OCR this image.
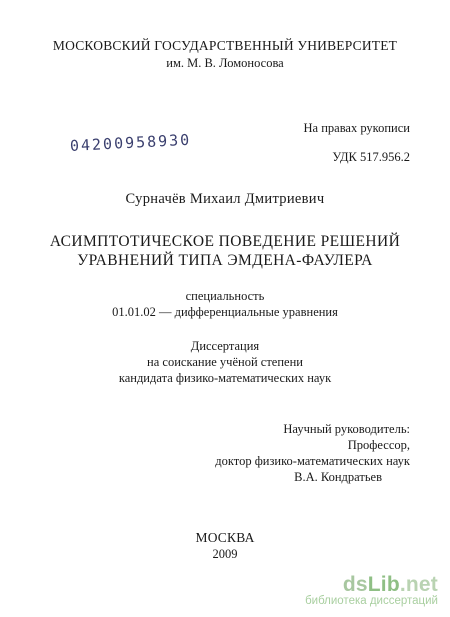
МОСКОВСКИЙ ГОСУДАРСТВЕННЫЙ УНИВЕРСИТЕТ
им. М. В. Ломоносова
На правах рукописи
04200958930
УДК 517.956.2
Сурначёв Михаил Дмитриевич
АСИМПТОТИЧЕСКОЕ ПОВЕДЕНИЕ РЕШЕНИЙ
УРАВНЕНИЙ ТИПА ЭМДЕНА-ФАУЛЕРА
специальность
01.01.02 — дифференциальные уравнения
Диссертация
на соискание учёной степени
кандидата физико-математических наук
Научный руководитель:
Профессор,
доктор физико-математических наук
В.А. Кондратьев
МОСКВА
2009
dsLib.net
библиотека диссертаций
